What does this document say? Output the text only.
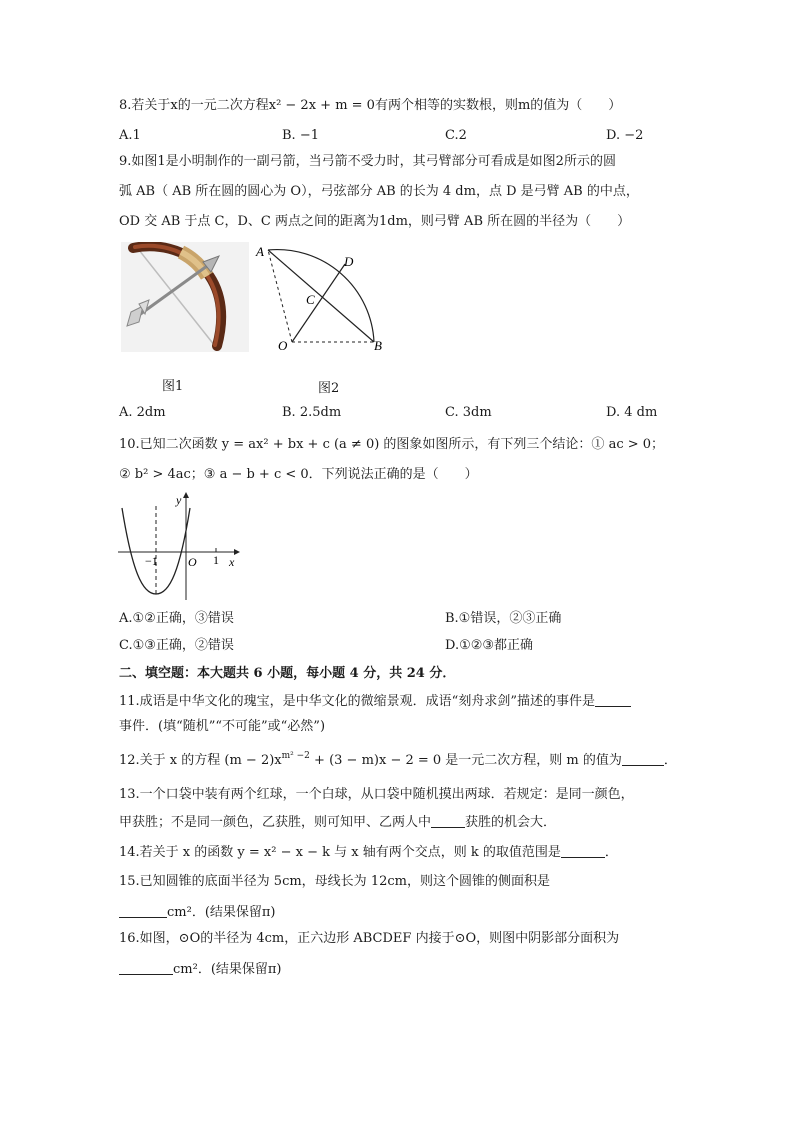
8.若关于x的一元二次方程x² − 2x + m = 0有两个相等的实数根，则m的值为（　　）
A.1	B. −1	C.2	D. −2
9.如图1是小明制作的一副弓箭，当弓箭不受力时，其弓臂部分可看成是如图2所示的圆
弧 AB（ AB 所在圆的圆心为 O），弓弦部分 AB 的长为 4 dm，点 D 是弓臂 AB 的中点，
OD 交 AB 于点 C，D、C 两点之间的距离为1dm，则弓臂 AB 所在圆的半径为（　　）
图1
A
D
C
O	B
图2
A. 2dm	B. 2.5dm	C. 3dm	D. 4 dm
10.已知二次函数 y = ax² + bx + c (a ≠ 0) 的图象如图所示，有下列三个结论：① ac > 0；
② b² > 4ac；③ a − b + c < 0．下列说法正确的是（　　）
y
x
−1	O 1
A.①②正确，③错误	B.①错误，②③正确
C.①③正确，②错误	D.①②③都正确
二、填空题：本大题共 6 小题，每小题 4 分，共 24 分．
11.成语是中华文化的瑰宝，是中华文化的微缩景观．成语“刻舟求剑”描述的事件是
事件．(填“随机”“不可能”或“必然”)
12.关于 x 的方程 $(m - 2)x^{m^2 -2} + (3 - m)x - 2 = 0$ 是一元二次方程，则 m 的值为	．
13.一个口袋中装有两个红球，一个白球，从口袋中随机摸出两球．若规定：是同一颜色，
甲获胜；不是同一颜色，乙获胜，则可知甲、乙两人中	获胜的机会大．
14.若关于 x 的函数 y = x² − x − k 与 x 轴有两个交点，则 k 的取值范围是	．
15.已知圆锥的底面半径为 5cm，母线长为 12cm，则这个圆锥的侧面积是
cm²．(结果保留π)
16.如图，⊙O的半径为 4cm，正六边形 ABCDEF 内接于⊙O，则图中阴影部分面积为
cm²．(结果保留π)
